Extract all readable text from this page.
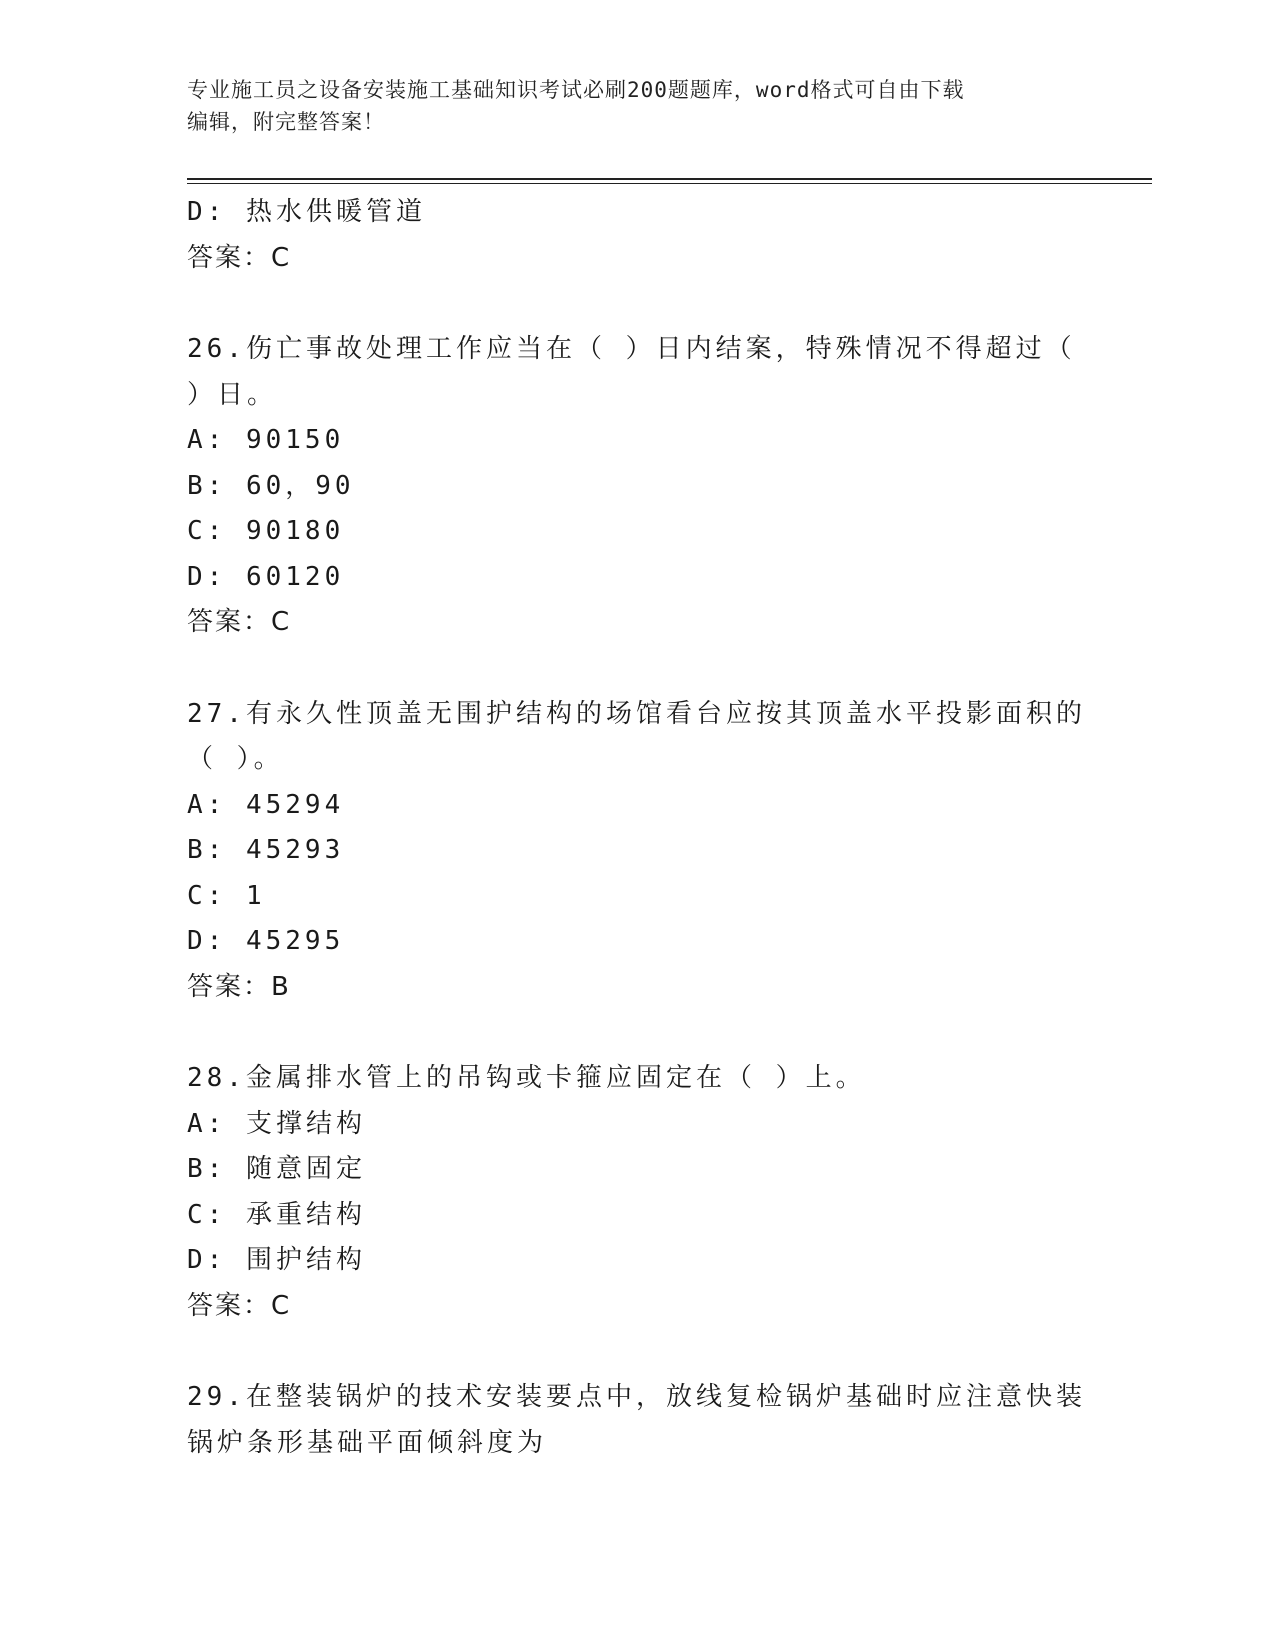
专业施工员之设备安装施工基础知识考试必刷200题题库，word格式可自由下载
编辑，附完整答案！
D: 热水供暖管道
答案：C
26.伤亡事故处理工作应当在（ ）日内结案，特殊情况不得超过（ ）日。
A: 90150
B: 60，90
C: 90180
D: 60120
答案：C
27.有永久性顶盖无围护结构的场馆看台应按其顶盖水平投影面积的（ ）。
A: 45294
B: 45293
C: 1
D: 45295
答案：B
28.金属排水管上的吊钩或卡箍应固定在（ ）上。
A: 支撑结构
B: 随意固定
C: 承重结构
D: 围护结构
答案：C
29.在整装锅炉的技术安装要点中，放线复检锅炉基础时应注意快装锅炉条形基础平面倾斜度为
